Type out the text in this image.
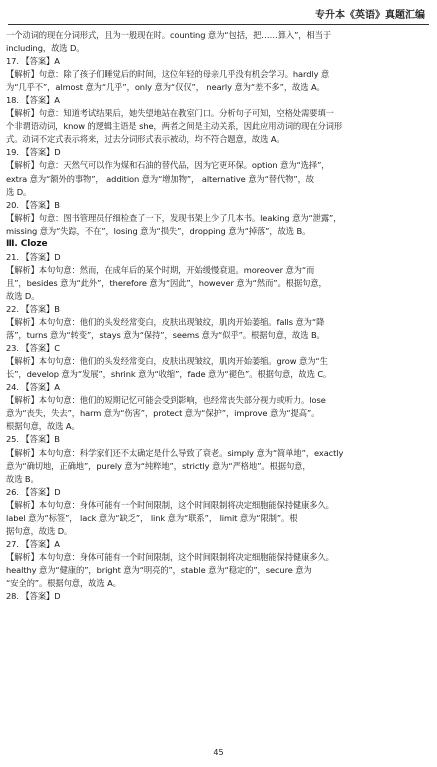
专升本《英语》真题汇编
一个动词的现在分词形式，且为一般现在时。counting 意为“包括，把……算入”，相当于
including，故选 D。
17. 【答案】A
【解析】句意：除了孩子们睡觉后的时间，这位年轻的母亲几乎没有机会学习。hardly 意
为“几乎不”，almost 意为“几乎”，only 意为“仅仅”， nearly 意为“差不多”，故选 A。
18. 【答案】A
【解析】句意：知道考试结果后，她失望地站在教室门口。分析句子可知，空格处需要填一
个非谓语动词，know 的逻辑主语是 she，两者之间是主动关系，因此应用动词的现在分词形
式。动词不定式表示将来，过去分词形式表示被动，均不符合题意，故选 A。
19. 【答案】D
【解析】句意：天然气可以作为煤和石油的替代品，因为它更环保。option 意为“选择”，
extra 意为“额外的事物”， addition 意为“增加物”， alternative 意为“替代物”，故
选 D。
20. 【答案】B
【解析】句意：图书管理员仔细检查了一下，发现书架上少了几本书。leaking 意为“泄露”，
missing 意为“失踪，不在”，losing 意为“损失”，dropping 意为“掉落”，故选 B。
Ⅲ. Cloze
21. 【答案】D
【解析】本句句意：然而，在成年后的某个时期，开始缓慢衰退。moreover 意为“而
且”，besides 意为“此外”，therefore 意为“因此”，however 意为“然而”。根据句意，
故选 D。
22. 【答案】B
【解析】本句句意：他们的头发经常变白，皮肤出现皱纹，肌肉开始萎缩。falls 意为“降
落”，turns 意为“转变”，stays 意为“保持”，seems 意为“似乎”。根据句意，故选 B。
23. 【答案】C
【解析】本句句意：他们的头发经常变白，皮肤出现皱纹，肌肉开始萎缩。grow 意为“生
长”，develop 意为“发展”，shrink 意为“收缩”，fade 意为“褪色”。根据句意，故选 C。
24. 【答案】A
【解析】本句句意：他们的短期记忆可能会受到影响，也经常丧失部分视力或听力。lose
意为“丧失，失去”，harm 意为“伤害”，protect 意为“保护”，improve 意为“提高”。
根据句意，故选 A。
25. 【答案】B
【解析】本句句意：科学家们还不太确定是什么导致了衰老。simply 意为“简单地”，exactly
意为“确切地，正确地”，purely 意为“纯粹地”，strictly 意为“严格地”。根据句意，
故选 B。
26. 【答案】D
【解析】本句句意：身体可能有一个时间限制，这个时间限制将决定细胞能保持健康多久。
label 意为“标签”， lack 意为“缺乏”， link 意为“联系”， limit 意为“限制”。根
据句意，故选 D。
27. 【答案】A
【解析】本句句意：身体可能有一个时间限制，这个时间限制将决定细胞能保持健康多久。
healthy 意为“健康的”，bright 意为“明亮的”，stable 意为“稳定的”，secure 意为
“安全的”。根据句意，故选 A。
28. 【答案】D
45
